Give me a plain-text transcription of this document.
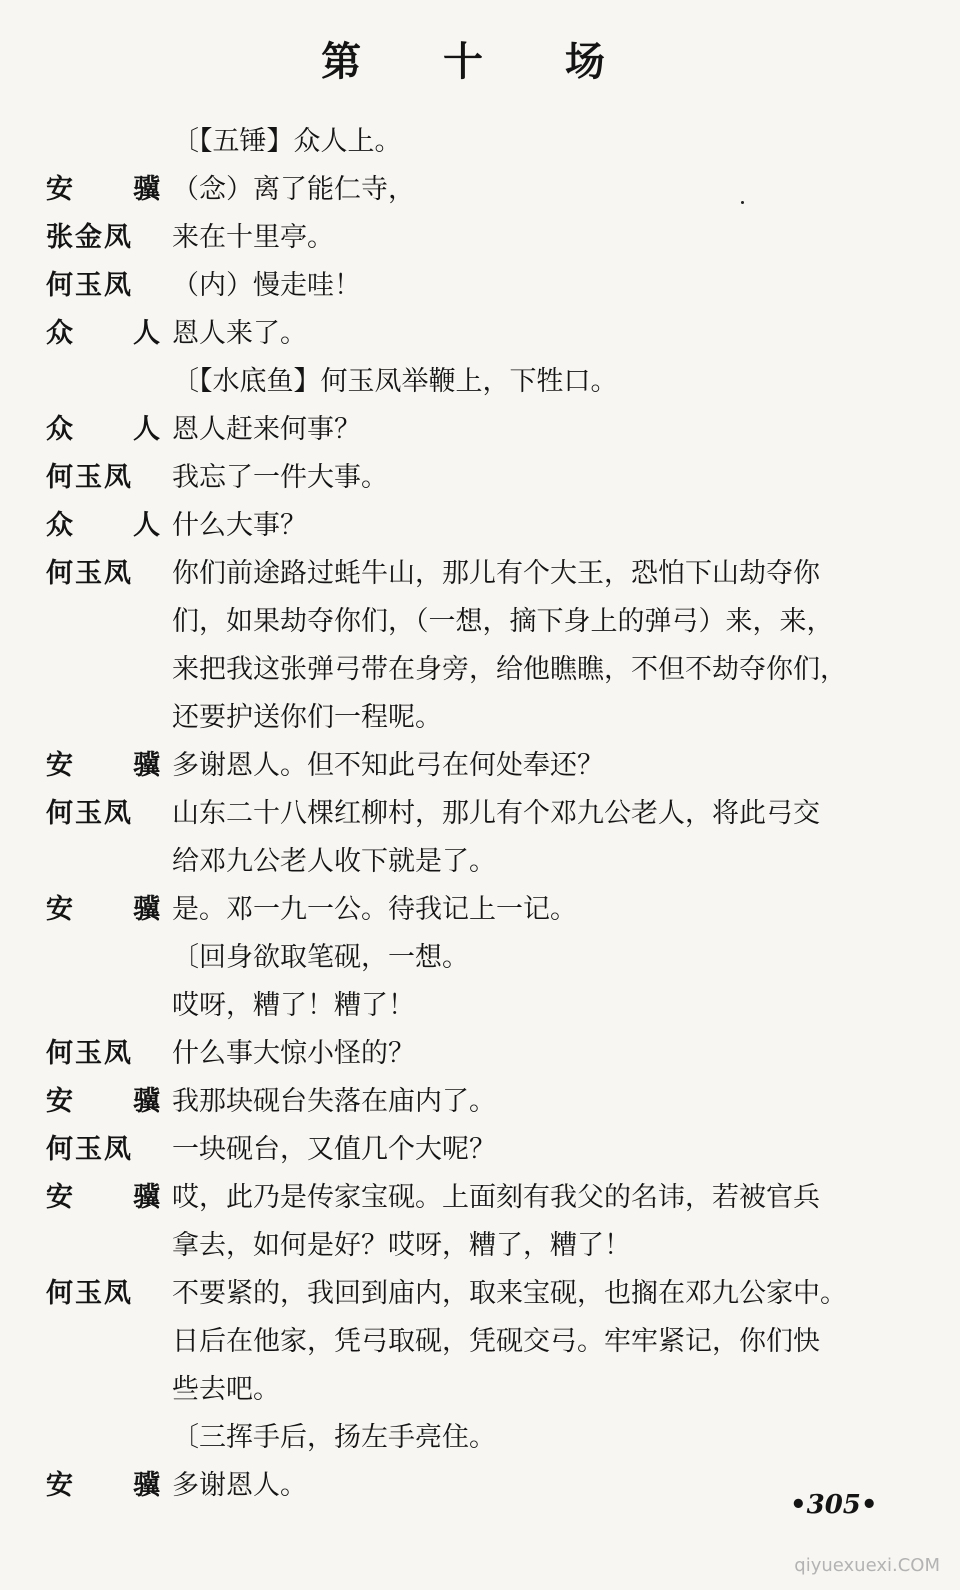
第 十 场
〔【五锤】众人上。
安 骥 （念）离了能仁寺，
张金凤	来在十里亭。
何玉凤	（内）慢走哇！
众 人 恩人来了。
〔【水底鱼】何玉凤举鞭上，下牲口。
众 人 恩人赶来何事？
何玉凤	我忘了一件大事。
众 人 什么大事？
何玉凤	你们前途路过蚝牛山，那儿有个大王，恐怕下山劫夺你
们，如果劫夺你们，（一想，摘下身上的弹弓）来，来，
来把我这张弹弓带在身旁，给他瞧瞧，不但不劫夺你们，
还要护送你们一程呢。
安 骥 多谢恩人。但不知此弓在何处奉还？
何玉凤	山东二十八棵红柳村，那儿有个邓九公老人，将此弓交
给邓九公老人收下就是了。
安 骥 是。邓一九一公。待我记上一记。
〔回身欲取笔砚，一想。
哎呀，糟了！糟了！
何玉凤	什么事大惊小怪的？
安 骥 我那块砚台失落在庙内了。
何玉凤	一块砚台，又值几个大呢？
安 骥 哎，此乃是传家宝砚。上面刻有我父的名讳，若被官兵
拿去，如何是好？哎呀，糟了，糟了！
何玉凤	不要紧的，我回到庙内，取来宝砚，也搁在邓九公家中。
日后在他家，凭弓取砚，凭砚交弓。牢牢紧记，你们快
些去吧。
〔三挥手后，扬左手亮住。
安 骥 多谢恩人。
•305•
qiyuexuexi.COM
